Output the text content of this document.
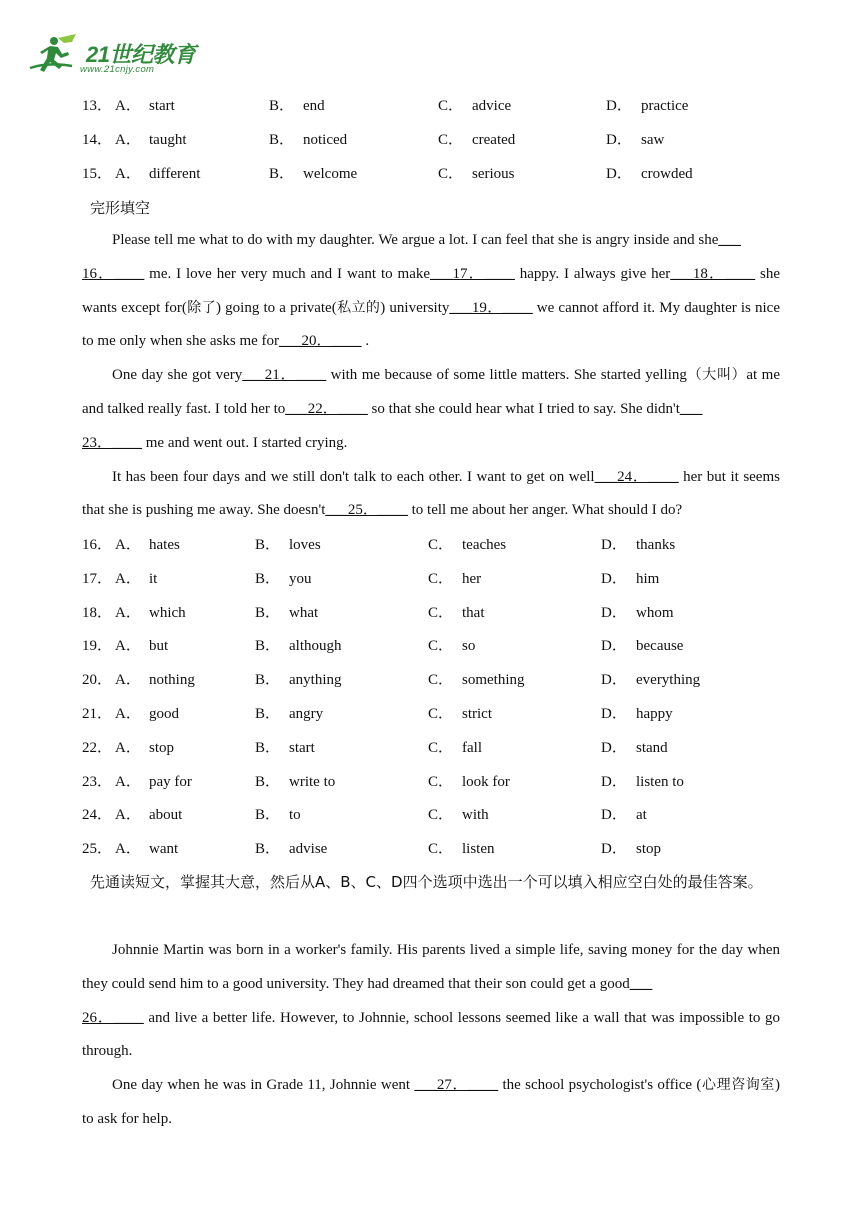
21世纪教育
www.21cnjy.com
13． A． start	B． end	C． advice	D． practice
14． A． taught	B． noticed	C． created	D． saw
15． A． different	B． welcome	C． serious	D． crowded
完形填空

Please tell me what to do with my daughter. We argue a lot. I can feel that she is angry inside and she___
16．____ me. I love her very much and I want to make___17．____ happy. I always give her___18．____ she wants except for(除了) going to a private(私立的) university___19．____ we cannot afford it. My daughter is nice to me only when she asks me for___20．____ .

One day she got very___21．____ with me because of some little matters. She started yelling（大叫）at me and talked really fast. I told her to___22．____ so that she could hear what I tried to say. She didn't___
23．____ me and went out. I started crying.

It has been four days and we still don't talk to each other. I want to get on well___24．____ her but it seems that she is pushing me away. She doesn't___25．____ to tell me about her anger. What should I do?

16． A． hates	B． loves	C． teaches	D． thanks
17． A． it	B． you	C． her	D． him
18． A． which	B． what	C． that	D． whom
19． A． but	B． although	C． so	D． because
20． A． nothing	B． anything	C． something	D． everything
21． A． good	B． angry	C． strict	D． happy
22． A． stop	B． start	C． fall	D． stand
23． A． pay for	B． write to	C． look for	D． listen to
24． A． about	B． to	C． with	D． at
25． A． want	B． advise	C． listen	D． stop

先通读短文，掌握其大意，然后从A、B、C、D四个选项中选出一个可以填入相应空白处的最佳答案。

Johnnie Martin was born in a worker's family. His parents lived a simple life, saving money for the day when they could send him to a good university. They had dreamed that their son could get a good___
26．____ and live a better life. However, to Johnnie, school lessons seemed like a wall that was impossible to go through.

One day when he was in Grade 11, Johnnie went ___27．____ the school psychologist's office (心理咨询室) to ask for help.
